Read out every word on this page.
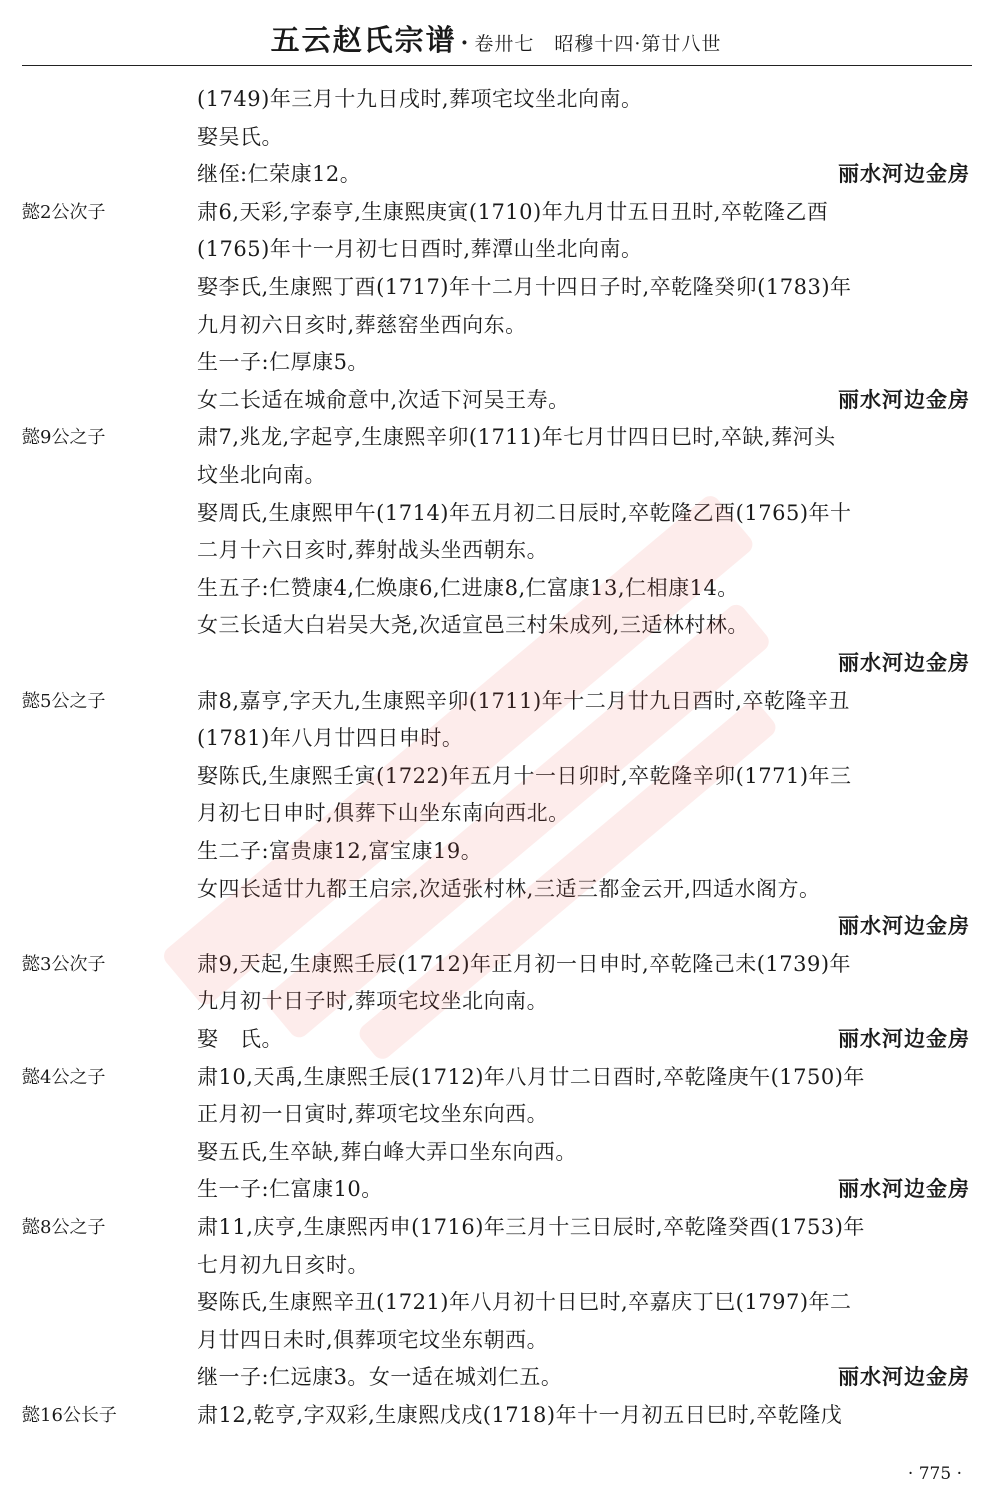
五云赵氏宗谱 · 卷卅七　昭穆十四·第廿八世
(1749)年三月十九日戌时,葬项宅坟坐北向南。
娶吴氏。
继侄:仁荣康12。	丽水河边金房
懿2公次子	肃6,天彩,字泰亨,生康熙庚寅(1710)年九月廿五日丑时,卒乾隆乙酉
(1765)年十一月初七日酉时,葬潭山坐北向南。
娶李氏,生康熙丁酉(1717)年十二月十四日子时,卒乾隆癸卯(1783)年
九月初六日亥时,葬慈窑坐西向东。
生一子:仁厚康5。
女二长适在城俞意中,次适下河吴王寿。	丽水河边金房
懿9公之子	肃7,兆龙,字起亨,生康熙辛卯(1711)年七月廿四日巳时,卒缺,葬河头
坟坐北向南。
娶周氏,生康熙甲午(1714)年五月初二日辰时,卒乾隆乙酉(1765)年十
二月十六日亥时,葬射战头坐西朝东。
生五子:仁赞康4,仁焕康6,仁进康8,仁富康13,仁相康14。
女三长适大白岩吴大尧,次适宣邑三村朱成列,三适林村林。
丽水河边金房
懿5公之子	肃8,嘉亨,字天九,生康熙辛卯(1711)年十二月廿九日酉时,卒乾隆辛丑
(1781)年八月廿四日申时。
娶陈氏,生康熙壬寅(1722)年五月十一日卯时,卒乾隆辛卯(1771)年三
月初七日申时,俱葬下山坐东南向西北。
生二子:富贵康12,富宝康19。
女四长适廿九都王启宗,次适张村林,三适三都金云开,四适水阁方。
丽水河边金房
懿3公次子	肃9,天起,生康熙壬辰(1712)年正月初一日申时,卒乾隆己未(1739)年
九月初十日子时,葬项宅坟坐北向南。
娶　氏。	丽水河边金房
懿4公之子	肃10,天禹,生康熙壬辰(1712)年八月廿二日酉时,卒乾隆庚午(1750)年
正月初一日寅时,葬项宅坟坐东向西。
娶五氏,生卒缺,葬白峰大弄口坐东向西。
生一子:仁富康10。	丽水河边金房
懿8公之子	肃11,庆亨,生康熙丙申(1716)年三月十三日辰时,卒乾隆癸酉(1753)年
七月初九日亥时。
娶陈氏,生康熙辛丑(1721)年八月初十日巳时,卒嘉庆丁巳(1797)年二
月廿四日未时,俱葬项宅坟坐东朝西。
继一子:仁远康3。女一适在城刘仁五。	丽水河边金房
懿16公长子	肃12,乾亨,字双彩,生康熙戊戌(1718)年十一月初五日巳时,卒乾隆戊
· 775 ·
